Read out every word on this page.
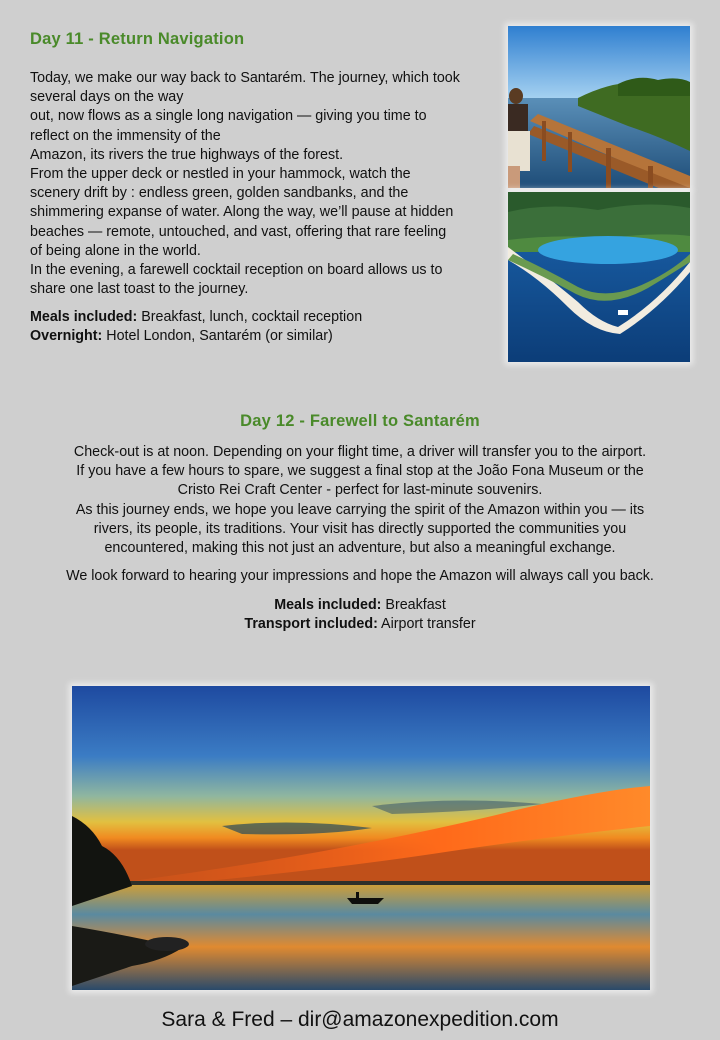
Day 11 - Return Navigation

Today, we make our way back to Santarém. The journey, which took

several days on the way

out, now flows as a single long navigation — giving you time to

reflect on the immensity of the

Amazon, its rivers the true highways of the forest.

From the upper deck or nestled in your hammock, watch the

scenery drift by : endless green, golden sandbanks, and the

shimmering expanse of water. Along the way, we’ll pause at hidden

beaches — remote, untouched, and vast, offering that rare feeling

of being alone in the world.

In the evening, a farewell cocktail reception on board allows us to

share one last toast to the journey.

Meals included: Breakfast, lunch, cocktail reception
Overnight: Hotel London, Santarém (or similar)
Day 12 - Farewell to Santarém

Check-out is at noon. Depending on your flight time, a driver will transfer you to the airport.

If you have a few hours to spare, we suggest a final stop at the João Fona Museum or the

Cristo Rei Craft Center - perfect for last-minute souvenirs.

As this journey ends, we hope you leave carrying the spirit of the Amazon within you — its

rivers, its people, its traditions. Your visit has directly supported the communities you

encountered, making this not just an adventure, but also a meaningful exchange.

We look forward to hearing your impressions and hope the Amazon will always call you back.

Meals included: Breakfast
Transport included: Airport transfer
Sara & Fred – dir@amazonexpedition.com
